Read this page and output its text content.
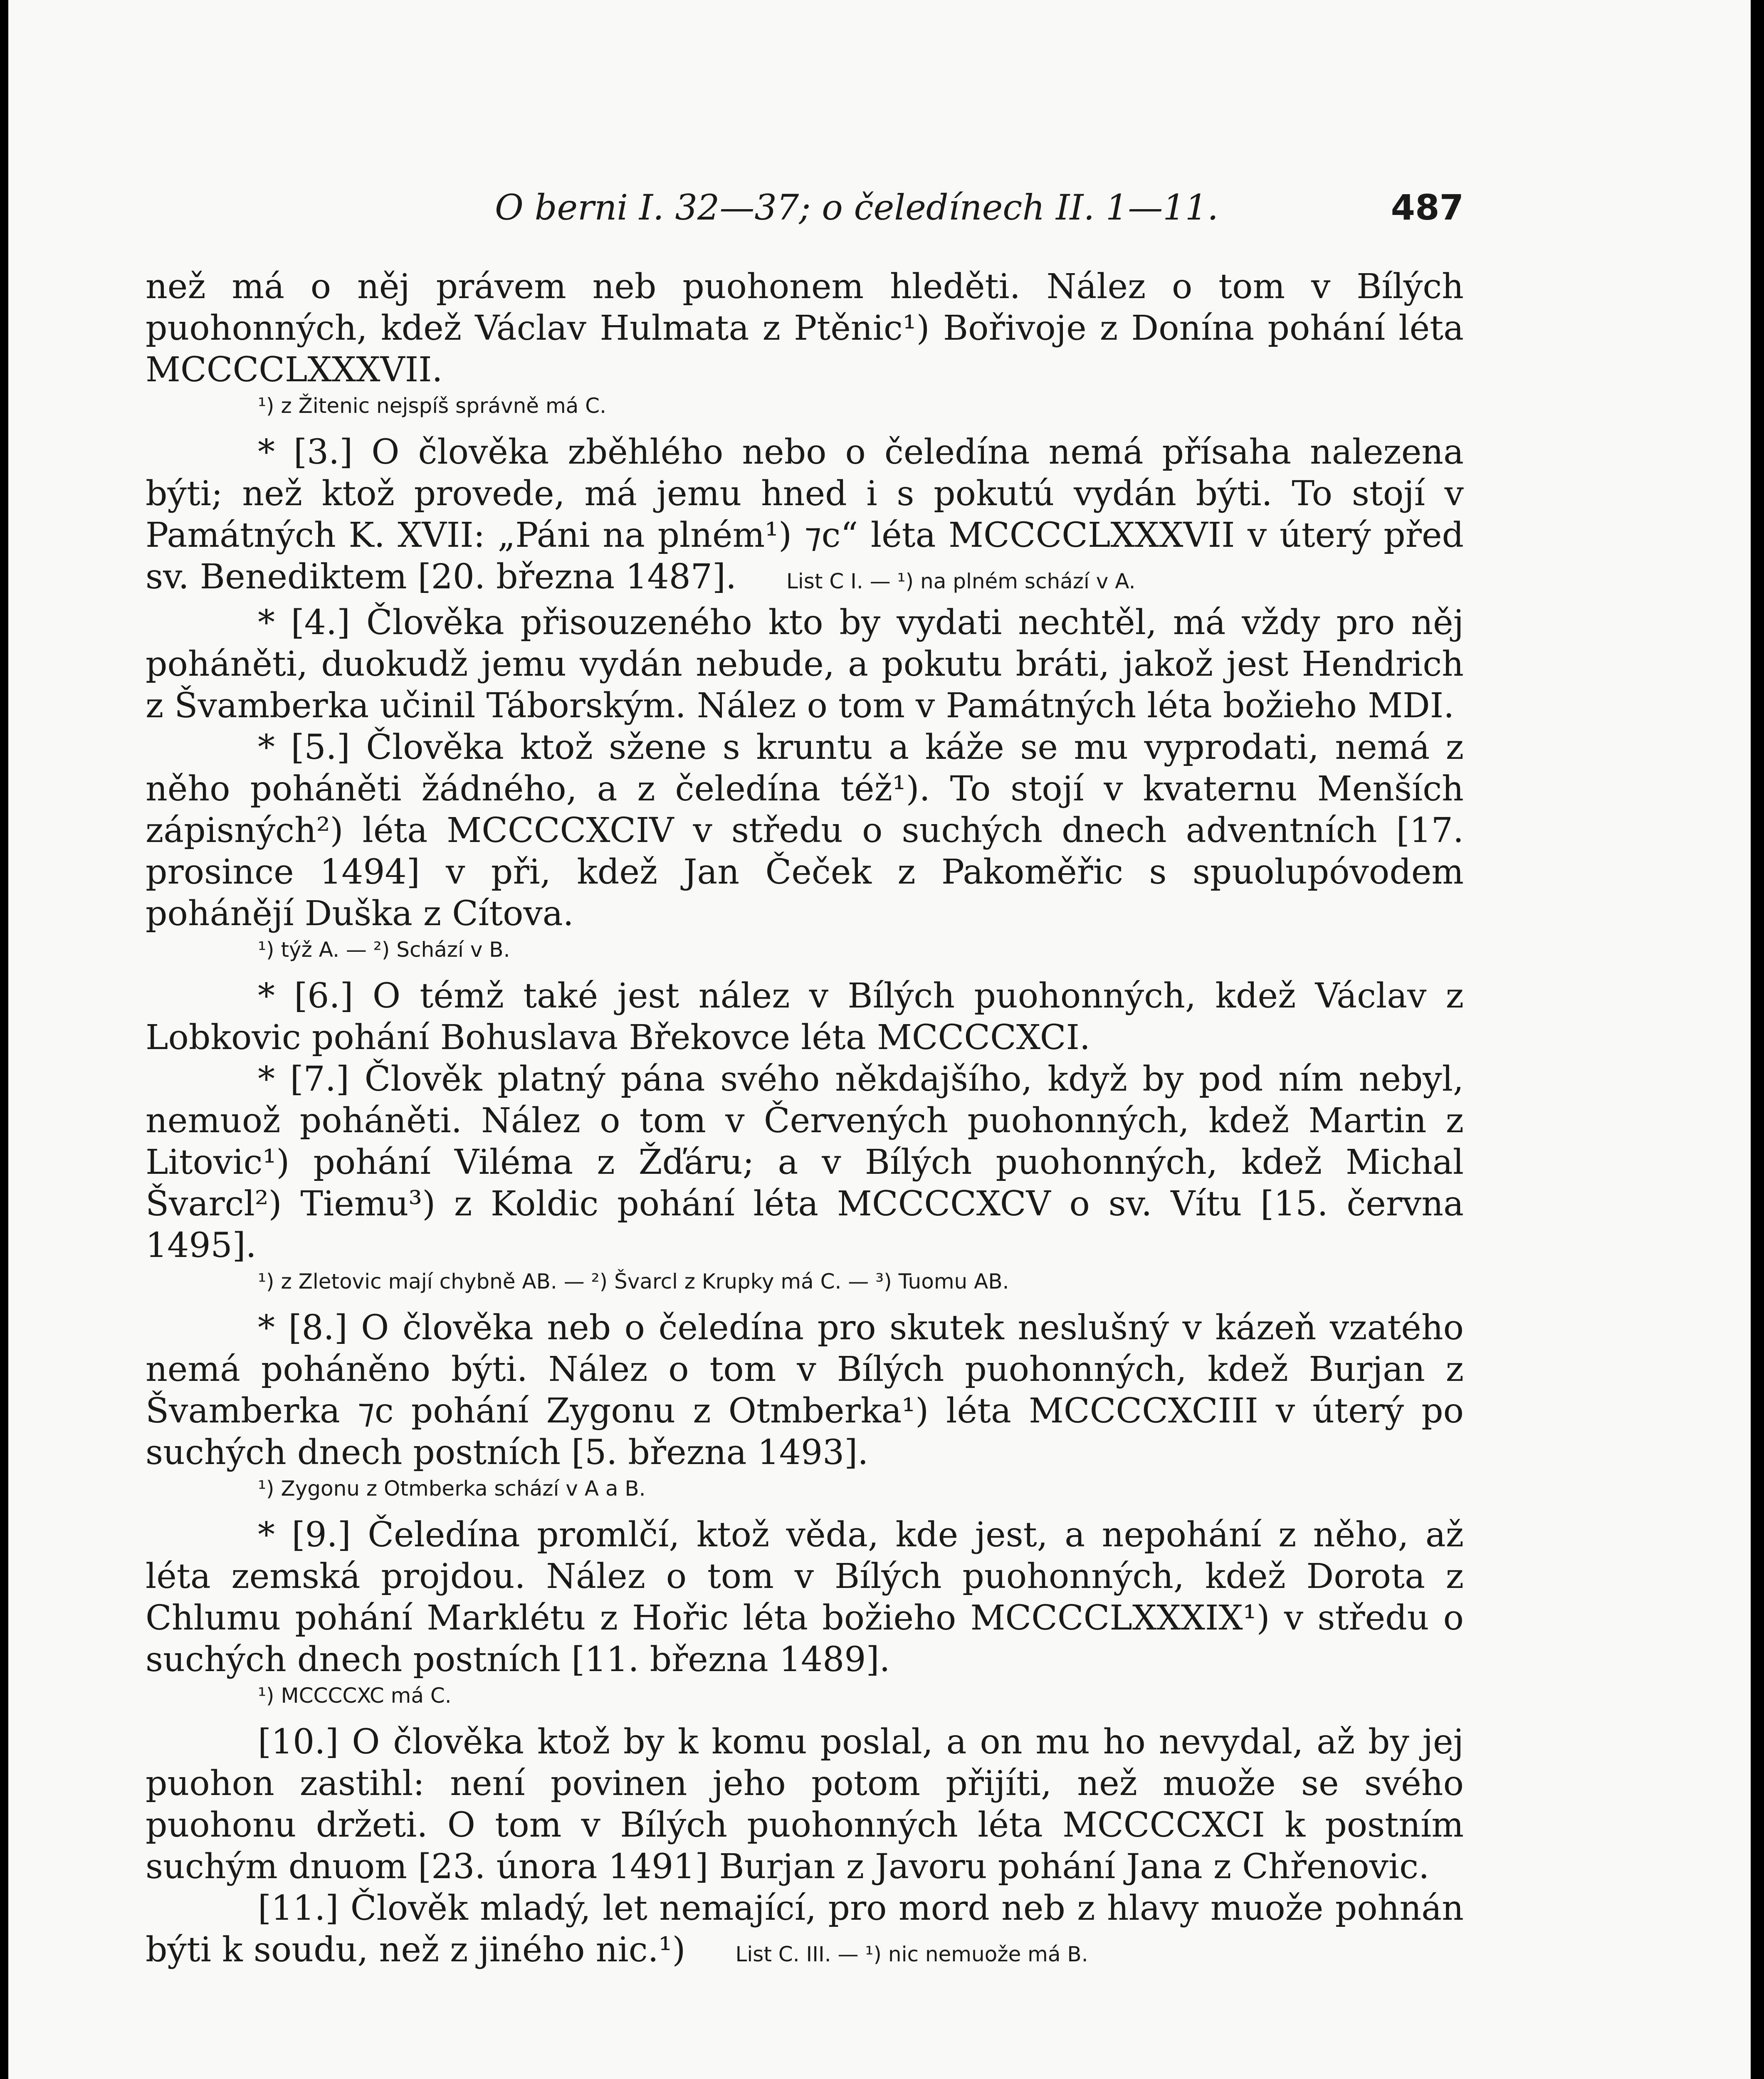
O berni I. 32—37; o čeledínech II. 1—11.	487

než má o něj právem neb puohonem hleděti. Nález o tom v Bílých puohonných, kdež Václav Hulmata z Ptěnic¹) Bořivoje z Donína pohání léta MCCCCLXXXVII.

¹) z Žitenic nejspíš správně má C.

* [3.] O člověka zběhlého nebo o čeledína nemá přísaha nalezena býti; než ktož provede, má jemu hned i s pokutú vydán býti. To stojí v Památných K. XVII: „Páni na plném¹) ⁊c“ léta MCCCCLXXXVII v úterý před sv. Benediktem [20. března 1487]. List C I. — ¹) na plném schází v A.

* [4.] Člověka přisouzeného kto by vydati nechtěl, má vždy pro něj poháněti, duokudž jemu vydán nebude, a pokutu bráti, jakož jest Hendrich z Švamberka učinil Táborským. Nález o tom v Památných léta božieho MDI.

* [5.] Člověka ktož sžene s kruntu a káže se mu vyprodati, nemá z něho poháněti žádného, a z čeledína též¹). To stojí v kvaternu Menších zápisných²) léta MCCCCXCIV v středu o suchých dnech adventních [17. prosince 1494] v při, kdež Jan Čeček z Pakoměřic s spuolupóvodem pohánějí Duška z Cítova.

¹) týž A. — ²) Schází v B.

* [6.] O témž také jest nález v Bílých puohonných, kdež Václav z Lobkovic pohání Bohuslava Břekovce léta MCCCCXCI.

* [7.] Člověk platný pána svého někdajšího, když by pod ním nebyl, nemuož poháněti. Nález o tom v Červených puohonných, kdež Martin z Litovic¹) pohání Viléma z Žďáru; a v Bílých puohonných, kdež Michal Švarcl²) Tiemu³) z Koldic pohání léta MCCCCXCV o sv. Vítu [15. června 1495].

¹) z Zletovic mají chybně AB. — ²) Švarcl z Krupky má C. — ³) Tuomu AB.

* [8.] O člověka neb o čeledína pro skutek neslušný v kázeň vzatého nemá poháněno býti. Nález o tom v Bílých puohonných, kdež Burjan z Švamberka ⁊c pohání Zygonu z Otmberka¹) léta MCCCCXCIII v úterý po suchých dnech postních [5. března 1493].

¹) Zygonu z Otmberka schází v A a B.

* [9.] Čeledína promlčí, ktož věda, kde jest, a nepohání z něho, až léta zemská projdou. Nález o tom v Bílých puohonných, kdež Dorota z Chlumu pohání Marklétu z Hořic léta božieho MCCCCLXXXIX¹) v středu o suchých dnech postních [11. března 1489].

¹) MCCCCXC má C.

[10.] O člověka ktož by k komu poslal, a on mu ho nevydal, až by jej puohon zastihl: není povinen jeho potom přijíti, než muože se svého puohonu držeti. O tom v Bílých puohonných léta MCCCCXCI k postním suchým dnuom [23. února 1491] Burjan z Javoru pohání Jana z Chřenovic.

[11.] Člověk mladý, let nemající, pro mord neb z hlavy muože pohnán býti k soudu, než z jiného nic.¹) List C. III. — ¹) nic nemuože má B.
